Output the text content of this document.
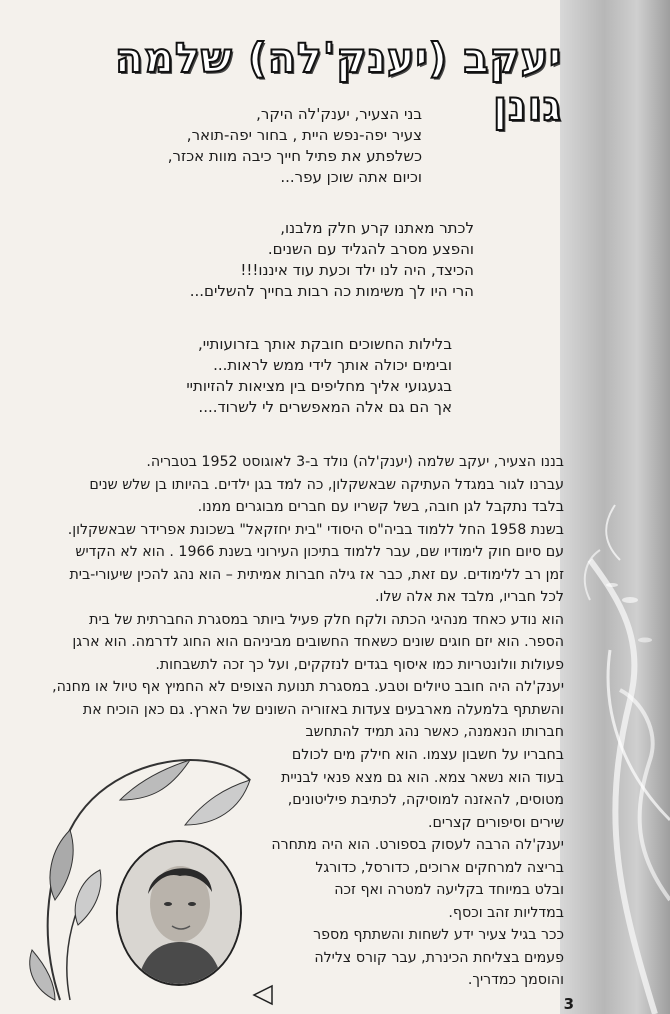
יעקב (יענק'לה) שלמה גונן
בני הצעיר, יענק'לה היקר,
צעיר יפה-נפש היית , בחור יפה-תואר,
כשלפתע את פתיל חייך כיבה מוות אכזר,
וכיום אתה שוכן עפר...
לכתר מאתנו קרע חלק מלבנו,
והפצע מסרב להגליד עם השנים.
הכיצד, היה לנו ילד וכעת עוד איננו!!!
הרי היו לך משימות כה רבות בחייך להשלים...
בלילות החשוכים חובקת אותך בזרועותיי,
ובימים יכולה אותך לידי ממש לראות...
בגעגועי אליך מחליפים בין מציאות להזיותיי
אך הם גם אלה המאפשרים לי לשרוד....
בננו הצעיר, יעקב שלמה (יענק'לה) נולד ב-3 לאוגוסט 1952 בטבריה.
עברנו לגור במגדל העתיקה שבאשקלון, כה למד בגן ילדים. בהיותו בן שלש שנים
בלבד נתקבל לגן חובה, בשל קשריו עם חברים מבוגרים ממנו.
בשנת 1958 החל ללמוד בביה"ס היסודי "בית יחזקאל" בשכונת אפרידר שבאשקלון.
עם סיום חוק לימודיו שם, עבר ללמוד בתיכון העירוני בשנת 1966 . הוא לא הקדיש
זמן רב ללימודים. עם זאת, כבר אז גילה חברות אמיתית – הוא נהג להכין שיעורי-בית
לכל חבריו, מלבד את אלה שלו.
הוא נודע כאחד מנהיגי הכתה ולקח חלק פעיל ביותר במסגרת החברתית של בית
הספר. הוא יזם חוגים שונים כשאחד החשובים מביניהם הוא החוג לדרמה. הוא ארגן
פעולות וולונטריות כמו איסוף בגדים לנזקקים, ועל כך זכה לתשבחות.
יענק'לה היה חובב טיולים וטבע. במסגרת תנועת הצופים לא החמיץ אף טיול או מחנה,
והשתתף בלמעלה מארבעים צעדות באזוריה השונים של הארץ. גם כאן הוכיח את
חברותו הנאמנה, כאשר נהג תמיד להתחשב
בחבריו על חשבון עצמו. הוא חילק מים לכולם
בעוד הוא נשאר צמא. הוא גם מצא פנאי לבניית
מטוסים, להאזנה למוסיקה, לכתיבת פיליטונים,
שירים וסיפורים קצרים.
יענק'לה הרבה לעסוק בספורט. הוא היה מתחרה
בריצה למרחקים ארוכים, כדורסל, כדורגל
ובלט במיוחד בקליעה למטרה ואף זכה
במדליות זהב וכסף.
ככר בגיל צעיר ידע לשחות והשתתף מספר
פעמים בצליחת הכינרת, עבר קורס צלילה
והוסמך כמדריך.
3
